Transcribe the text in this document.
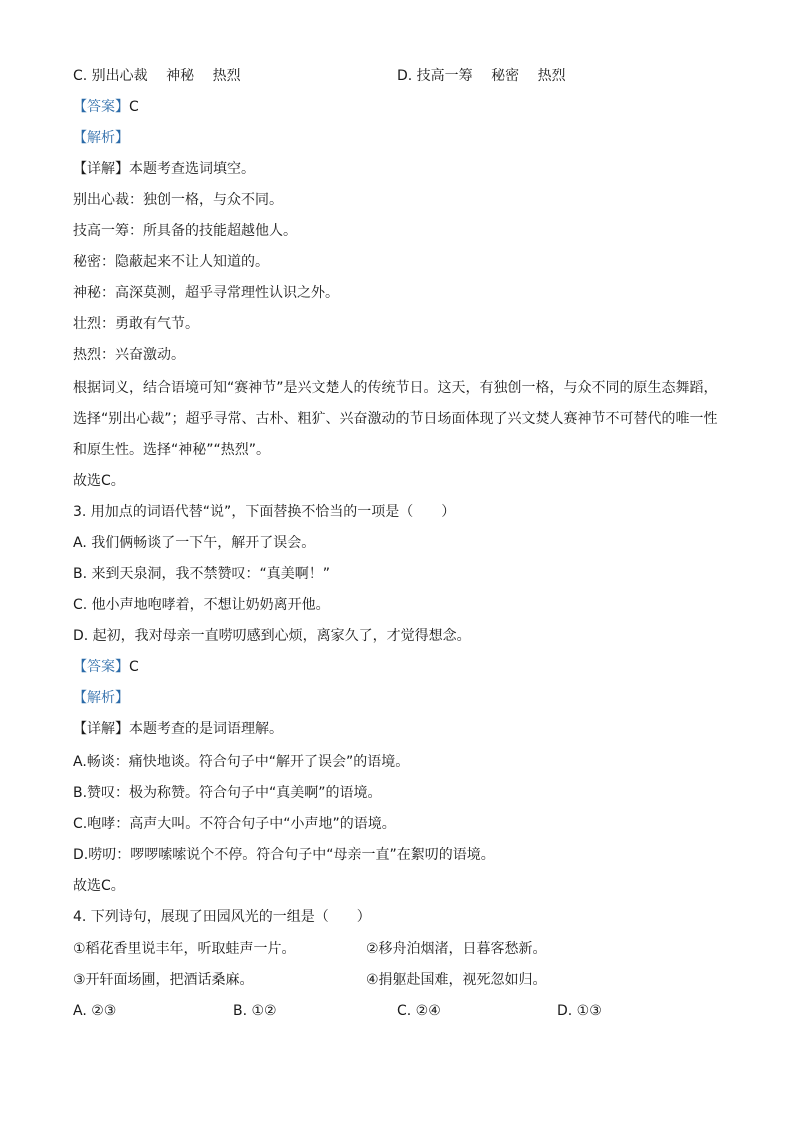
C. 别出心裁　 神秘　 热烈	D. 技高一筹　 秘密　 热烈
【答案】C
【解析】
【详解】本题考查选词填空。
别出心裁：独创一格，与众不同。
技高一筹：所具备的技能超越他人。
秘密：隐蔽起来不让人知道的。
神秘：高深莫测，超乎寻常理性认识之外。
壮烈：勇敢有气节。
热烈：兴奋激动。
根据词义，结合语境可知“赛神节”是兴文楚人的传统节日。这天，有独创一格，与众不同的原生态舞蹈，选择“别出心裁”；超乎寻常、古朴、粗犷、兴奋激动的节日场面体现了兴文焚人赛神节不可替代的唯一性和原生性。选择“神秘”“热烈”。
故选C。
3. 用加点的词语代替“说”，下面替换不恰当的一项是（　　）
A. 我们俩畅谈了一下午，解开了误会。
B. 来到天泉洞，我不禁赞叹：“真美啊！”
C. 他小声地咆哮着，不想让奶奶离开他。
D. 起初，我对母亲一直唠叨感到心烦，离家久了，才觉得想念。
【答案】C
【解析】
【详解】本题考查的是词语理解。
A.畅谈：痛快地谈。符合句子中“解开了误会”的语境。
B.赞叹：极为称赞。符合句子中“真美啊”的语境。
C.咆哮：高声大叫。不符合句子中“小声地”的语境。
D.唠叨：啰啰嗦嗦说个不停。符合句子中“母亲一直”在絮叨的语境。
故选C。
4. 下列诗句，展现了田园风光的一组是（　　）
①稻花香里说丰年，听取蛙声一片。	②移舟泊烟渚，日暮客愁新。
③开轩面场圃，把酒话桑麻。	④捐躯赴国难，视死忽如归。
A. ②③	B. ①②	C. ②④	D. ①③
